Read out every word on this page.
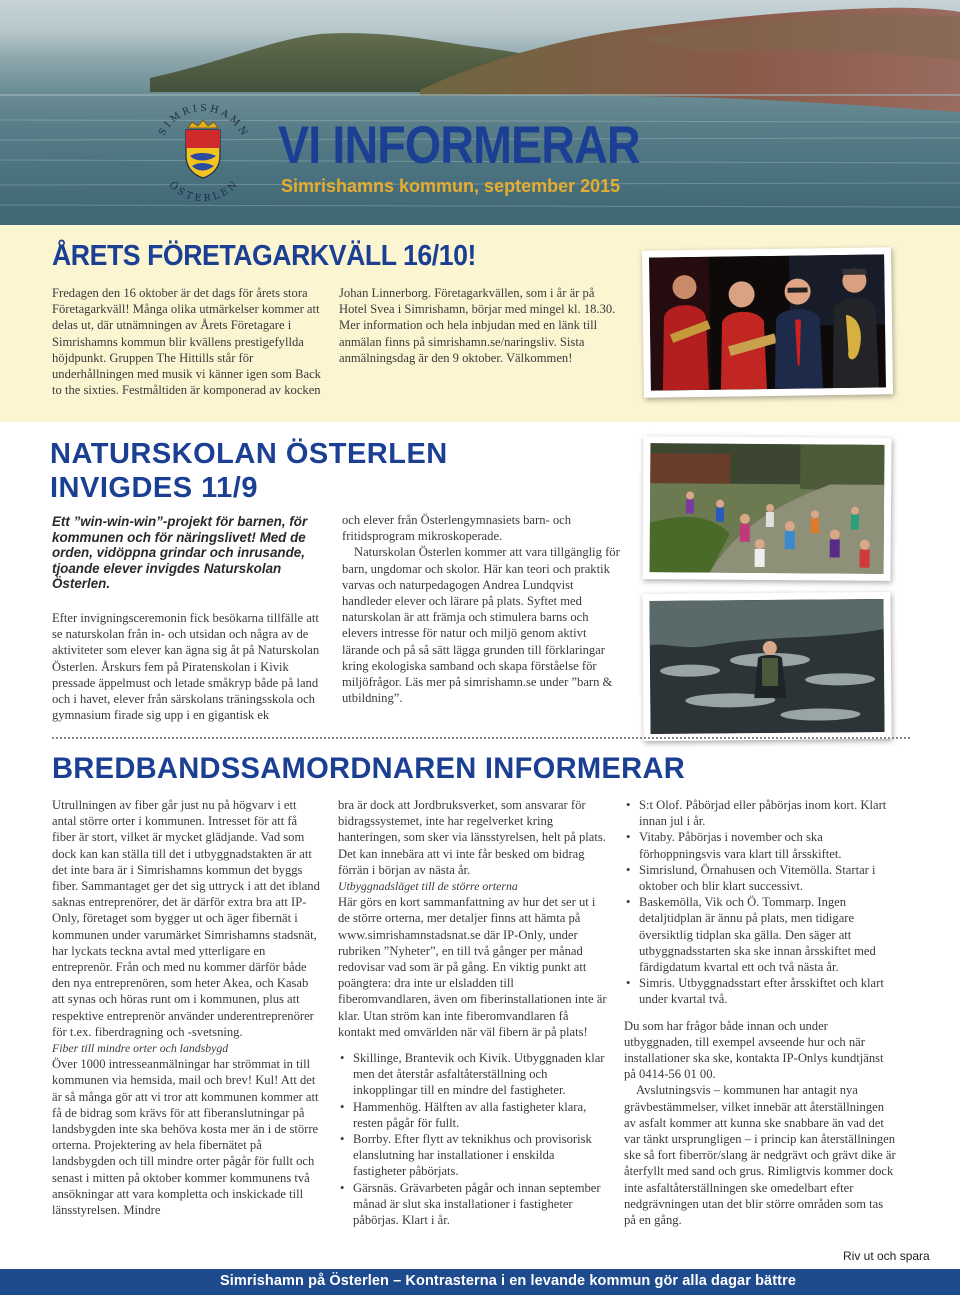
S I M R I S H A M N
Ö S T E R L E N
VI INFORMERAR
Simrishamns kommun, september 2015
ÅRETS FÖRETAGARKVÄLL 16/10!
Fredagen den 16 oktober är det dags för årets stora Företagarkväll! Många olika utmärkelser kommer att delas ut, där utnämningen av Årets Företagare i Simrishamns kommun blir kvällens prestigefyllda höjdpunkt. Gruppen The Hittills står för underhållningen med musik vi känner igen som Back to the sixties. Festmåltiden är komponerad av kocken
Johan Linnerborg. Företagarkvällen, som i år är på Hotel Svea i Simrishamn, börjar med mingel kl. 18.30. Mer information och hela inbjudan med en länk till anmälan finns på simrishamn.se/naringsliv. Sista anmälningsdag är den 9 oktober. Välkommen!
NATURSKOLAN ÖSTERLEN
INVIGDES 11/9
Ett ”win-win-win”-projekt för barnen, för kommunen och för näringslivet! Med de orden, vidöppna grindar och inrusande, tjoande elever invigdes Naturskolan Österlen.
Efter invigningsceremonin fick besökarna tillfälle att se naturskolan från in- och utsidan och några av de aktiviteter som elever kan ägna sig åt på Naturskolan Österlen. Årskurs fem på Piratenskolan i Kivik pressade äppelmust och letade småkryp både på land och i havet, elever från särskolans träningsskola och gymnasium firade sig upp i en gigantisk ek

och elever från Österlengymnasiets barn- och fritidsprogram mikroskoperade.

Naturskolan Österlen kommer att vara tillgänglig för barn, ungdomar och skolor. Här kan teori och praktik varvas och naturpedagogen Andrea Lundqvist handleder elever och lärare på plats. Syftet med naturskolan är att främja och stimulera barns och elevers intresse för natur och miljö genom aktivt lärande och på så sätt lägga grunden till förklaringar kring ekologiska samband och skapa förståelse för miljöfrågor. Läs mer på simrishamn.se under ”barn & utbildning”.

BREDBANDSSAMORDNAREN INFORMERAR

Utrullningen av fiber går just nu på högvarv i ett antal större orter i kommunen. Intresset för att få fiber är stort, vilket är mycket glädjande. Vad som dock kan kan ställa till det i utbyggnadstakten är att det inte bara är i Simrishamns kommun det byggs fiber. Sammantaget ger det sig uttryck i att det ibland saknas entreprenörer, det är därför extra bra att IP-Only, företaget som bygger ut och äger fibernät i kommunen under varumärket Simrishamns stadsnät, har lyckats teckna avtal med ytterligare en entreprenör. Från och med nu kommer därför både den nya entreprenören, som heter Akea, och Kasab att synas och höras runt om i kommunen, plus att respektive entreprenör använder underentreprenörer för t.ex. fiberdragning och -svetsning.

Fiber till mindre orter och landsbygd

Över 1000 intresseanmälningar har strömmat in till kommunen via hemsida, mail och brev! Kul! Att det är så många gör att vi tror att kommunen kommer att få de bidrag som krävs för att fiberanslutningar på landsbygden inte ska behöva kosta mer än i de större orterna. Projektering av hela fibernätet på landsbygden och till mindre orter pågår för fullt och senast i mitten på oktober kommer kommunens två ansökningar att vara kompletta och inskickade till länsstyrelsen. Mindre

bra är dock att Jordbruksverket, som ansvarar för bidragssystemet, inte har regelverket kring hanteringen, som sker via länsstyrelsen, helt på plats. Det kan innebära att vi inte får besked om bidrag förrän i början av nästa år.

Utbyggnadsläget till de större orterna

Här görs en kort sammanfattning av hur det ser ut i de större orterna, mer detaljer finns att hämta på www.simrishamnstadsnat.se där IP-Only, under rubriken ”Nyheter”, en till två gånger per månad redovisar vad som är på gång. En viktig punkt att poängtera: dra inte ur elsladden till fiberomvandlaren, även om fiberinstallationen inte är klar. Utan ström kan inte fiberomvandlaren få kontakt med omvärlden när väl fibern är på plats!

• Skillinge, Brantevik och Kivik. Utbyggnaden klar men det återstår asfaltåterställning och inkopplingar till en mindre del fastigheter.
• Hammenhög. Hälften av alla fastigheter klara, resten pågår för fullt.
• Borrby. Efter flytt av teknikhus och provisorisk elanslutning har installationer i enskilda fastigheter påbörjats.
• Gärsnäs. Grävarbeten pågår och innan september månad är slut ska installationer i fastigheter påbörjas. Klart i år.
• S:t Olof. Påbörjad eller påbörjas inom kort. Klart innan jul i år.
• Vitaby. Påbörjas i november och ska förhoppningsvis vara klart till årsskiftet.
• Simrislund, Örnahusen och Vitemölla. Startar i oktober och blir klart successivt.
• Baskemölla, Vik och Ö. Tommarp. Ingen detaljtidplan är ännu på plats, men tidigare översiktlig tidplan ska gälla. Den säger att utbyggnadsstarten ska ske innan årsskiftet med färdigdatum kvartal ett och två nästa år.
• Simris. Utbyggnadsstart efter årsskiftet och klart under kvartal två.

Du som har frågor både innan och under utbyggnaden, till exempel avseende hur och när installationer ska ske, kontakta IP-Onlys kundtjänst på 0414-56 01 00.

Avslutningsvis – kommunen har antagit nya grävbestämmelser, vilket innebär att återställningen av asfalt kommer att kunna ske snabbare än vad det var tänkt ursprungligen – i princip kan återställningen ske så fort fiberrör/slang är nedgrävt och grävt dike är återfyllt med sand och grus. Rimligtvis kommer dock inte asfaltåterställningen ske omedelbart efter nedgrävningen utan det blir större områden som tas på en gång.

Riv ut och spara
Simrishamn på Österlen – Kontrasterna i en levande kommun gör alla dagar bättre
